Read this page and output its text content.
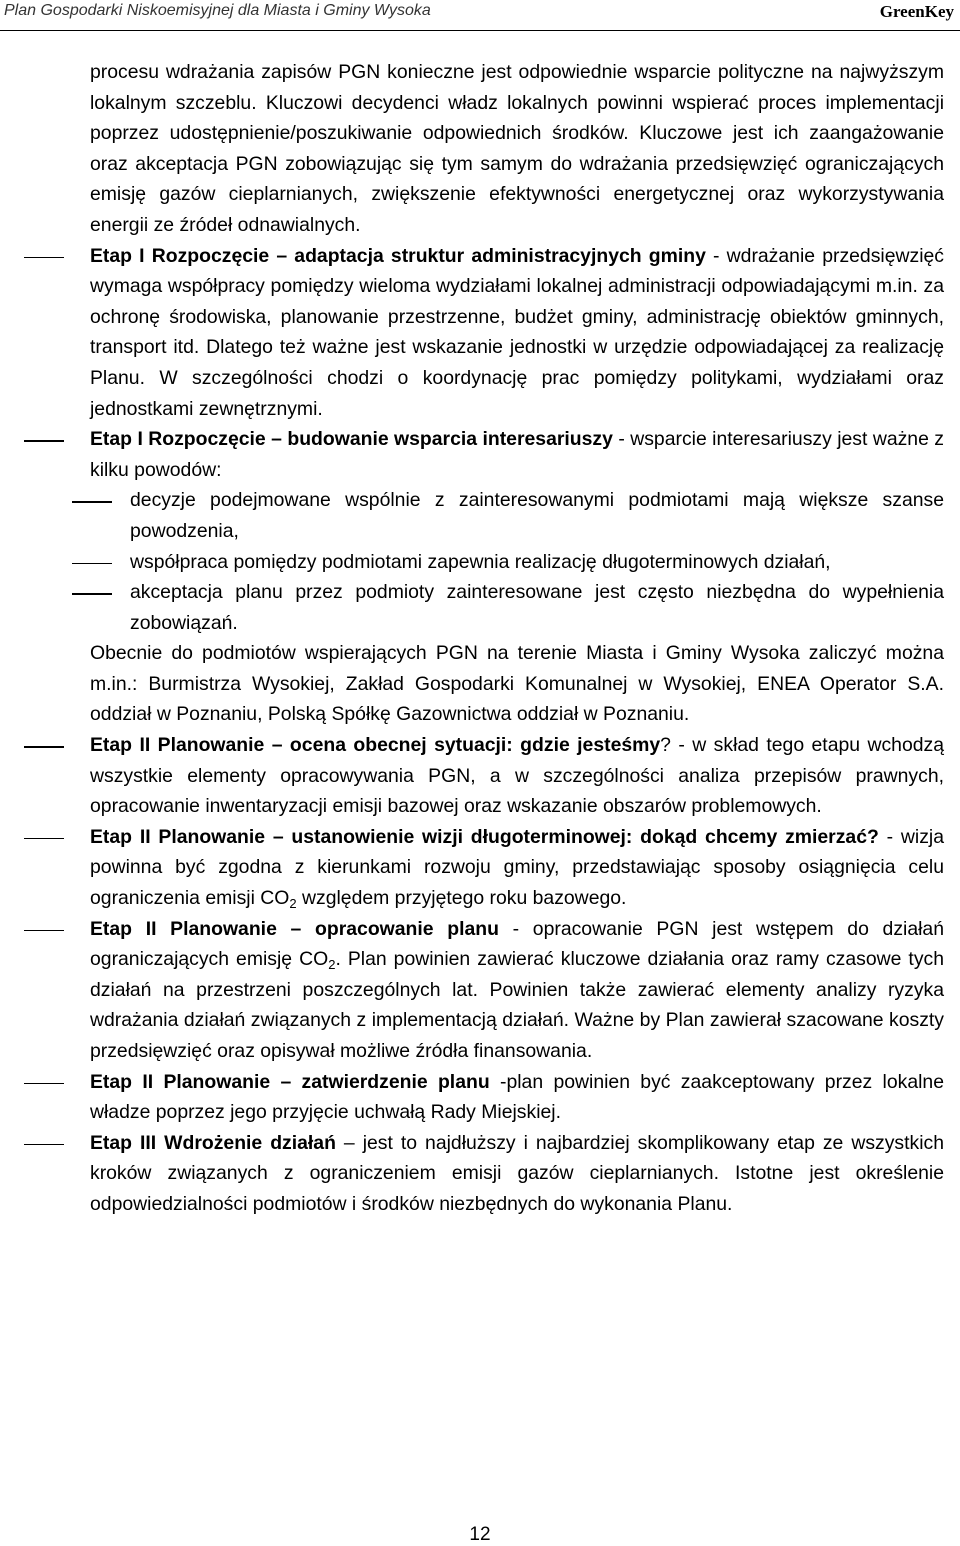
Plan Gospodarki Niskoemisyjnej dla Miasta i Gminy Wysoka	GreenKey

procesu wdrażania zapisów PGN konieczne jest odpowiednie wsparcie polityczne na najwyższym lokalnym szczeblu. Kluczowi decydenci władz lokalnych powinni wspierać proces implementacji poprzez udostępnienie/poszukiwanie odpowiednich środków. Kluczowe jest ich zaangażowanie oraz akceptacja PGN zobowiązując się tym samym do wdrażania przedsięwzięć ograniczających emisję gazów cieplarnianych, zwiększenie efektywności energetycznej oraz wykorzystywania energii ze źródeł odnawialnych.

Etap I Rozpoczęcie – adaptacja struktur administracyjnych gminy - wdrażanie przedsięwzięć wymaga współpracy pomiędzy wieloma wydziałami lokalnej administracji odpowiadającymi m.in. za ochronę środowiska, planowanie przestrzenne, budżet gminy, administrację obiektów gminnych, transport itd. Dlatego też ważne jest wskazanie jednostki w urzędzie odpowiadającej za realizację Planu. W szczególności chodzi o koordynację prac pomiędzy politykami, wydziałami oraz jednostkami zewnętrznymi.
Etap I Rozpoczęcie – budowanie wsparcia interesariuszy - wsparcie interesariuszy jest ważne z kilku powodów:
decyzje podejmowane wspólnie z zainteresowanymi podmiotami mają większe szanse powodzenia,
współpraca pomiędzy podmiotami zapewnia realizację długoterminowych działań,
akceptacja planu przez podmioty zainteresowane jest często niezbędna do wypełnienia zobowiązań.

Obecnie do podmiotów wspierających PGN na terenie Miasta i Gminy Wysoka zaliczyć można m.in.: Burmistrza Wysokiej, Zakład Gospodarki Komunalnej w Wysokiej, ENEA Operator S.A. oddział w Poznaniu, Polską Spółkę Gazownictwa oddział w Poznaniu.

Etap II Planowanie – ocena obecnej sytuacji: gdzie jesteśmy? - w skład tego etapu wchodzą wszystkie elementy opracowywania PGN, a w szczególności analiza przepisów prawnych, opracowanie inwentaryzacji emisji bazowej oraz wskazanie obszarów problemowych.
Etap II Planowanie – ustanowienie wizji długoterminowej: dokąd chcemy zmierzać? - wizja powinna być zgodna z kierunkami rozwoju gminy, przedstawiając sposoby osiągnięcia celu ograniczenia emisji $CO_2$ względem przyjętego roku bazowego.
Etap II Planowanie – opracowanie planu - opracowanie PGN jest wstępem do działań ograniczających emisję $CO_2$. Plan powinien zawierać kluczowe działania oraz ramy czasowe tych działań na przestrzeni poszczególnych lat. Powinien także zawierać elementy analizy ryzyka wdrażania działań związanych z implementacją działań. Ważne by Plan zawierał szacowane koszty przedsięwzięć oraz opisywał możliwe źródła finansowania.
Etap II Planowanie – zatwierdzenie planu -plan powinien być zaakceptowany przez lokalne władze poprzez jego przyjęcie uchwałą Rady Miejskiej.
Etap III Wdrożenie działań – jest to najdłuższy i najbardziej skomplikowany etap ze wszystkich kroków związanych z ograniczeniem emisji gazów cieplarnianych. Istotne jest określenie odpowiedzialności podmiotów i środków niezbędnych do wykonania Planu.
12
